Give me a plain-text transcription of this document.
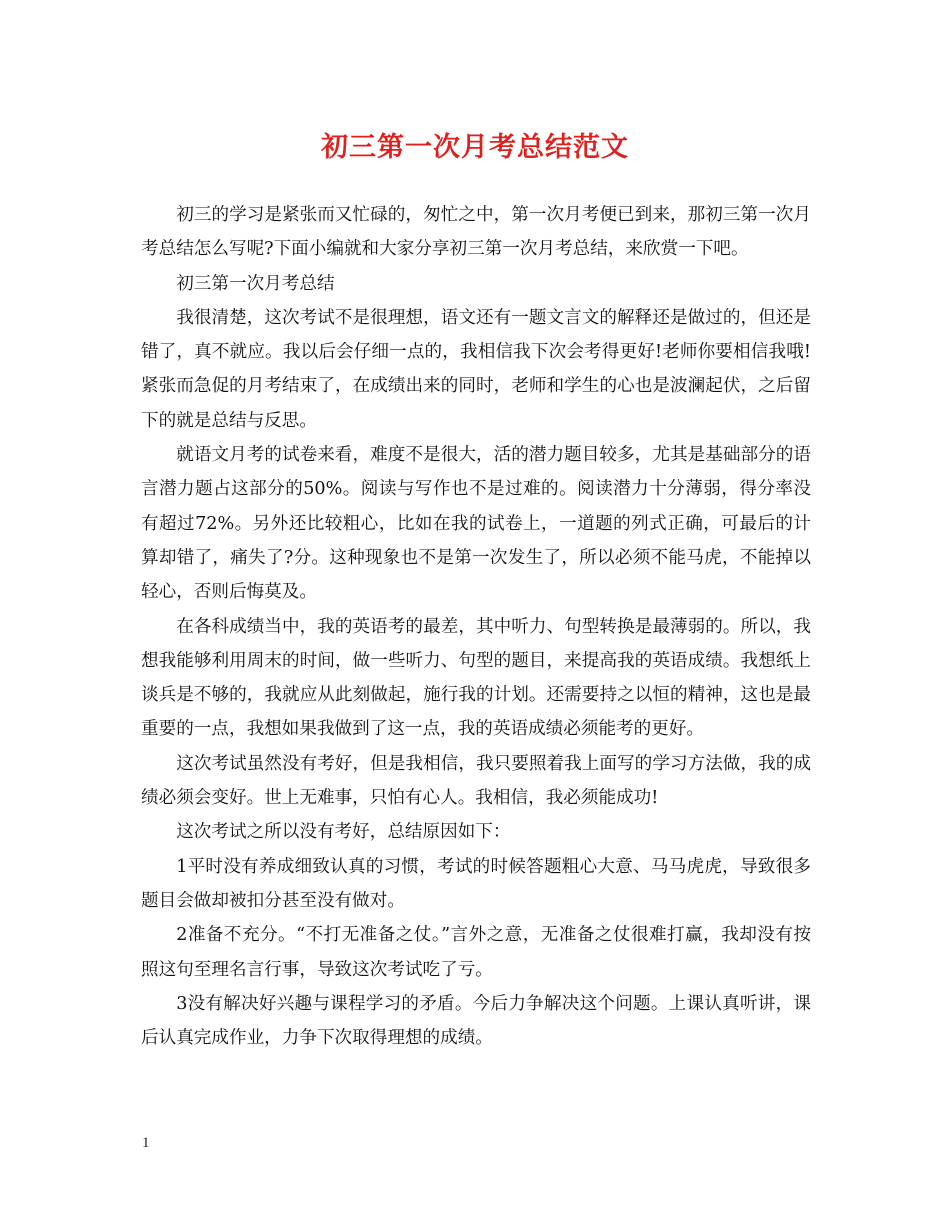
初三第一次月考总结范文

初三的学习是紧张而又忙碌的，匆忙之中，第一次月考便已到来，那初三第一次月考总结怎么写呢?下面小编就和大家分享初三第一次月考总结，来欣赏一下吧。

初三第一次月考总结

我很清楚，这次考试不是很理想，语文还有一题文言文的解释还是做过的，但还是错了，真不就应。我以后会仔细一点的，我相信我下次会考得更好!老师你要相信我哦!紧张而急促的月考结束了，在成绩出来的同时，老师和学生的心也是波澜起伏，之后留下的就是总结与反思。

就语文月考的试卷来看，难度不是很大，活的潜力题目较多，尤其是基础部分的语言潜力题占这部分的50%。阅读与写作也不是过难的。阅读潜力十分薄弱，得分率没有超过72%。另外还比较粗心，比如在我的试卷上，一道题的列式正确，可最后的计算却错了，痛失了?分。这种现象也不是第一次发生了，所以必须不能马虎，不能掉以轻心，否则后悔莫及。

在各科成绩当中，我的英语考的最差，其中听力、句型转换是最薄弱的。所以，我想我能够利用周末的时间，做一些听力、句型的题目，来提高我的英语成绩。我想纸上谈兵是不够的，我就应从此刻做起，施行我的计划。还需要持之以恒的精神，这也是最重要的一点，我想如果我做到了这一点，我的英语成绩必须能考的更好。

这次考试虽然没有考好，但是我相信，我只要照着我上面写的学习方法做，我的成绩必须会变好。世上无难事，只怕有心人。我相信，我必须能成功!

这次考试之所以没有考好，总结原因如下：

1平时没有养成细致认真的习惯，考试的时候答题粗心大意、马马虎虎，导致很多题目会做却被扣分甚至没有做对。

2准备不充分。“不打无准备之仗。”言外之意，无准备之仗很难打赢，我却没有按照这句至理名言行事，导致这次考试吃了亏。

3没有解决好兴趣与课程学习的矛盾。今后力争解决这个问题。上课认真听讲，课后认真完成作业，力争下次取得理想的成绩。

1
